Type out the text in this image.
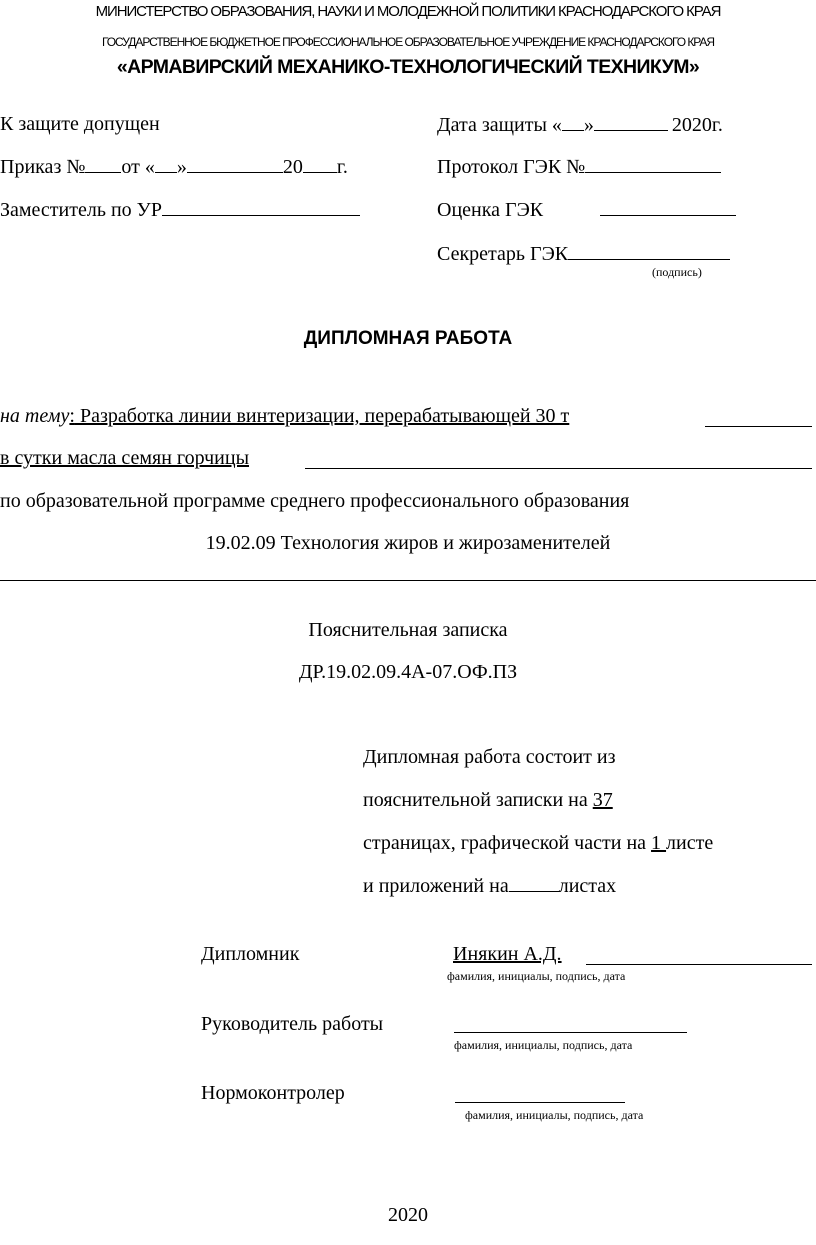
МИНИСТЕРСТВО ОБРАЗОВАНИЯ, НАУКИ И МОЛОДЕЖНОЙ ПОЛИТИКИ КРАСНОДАРСКОГО КРАЯ
ГОСУДАРСТВЕННОЕ БЮДЖЕТНОЕ ПРОФЕССИОНАЛЬНОЕ ОБРАЗОВАТЕЛЬНОЕ УЧРЕЖДЕНИЕ КРАСНОДАРСКОГО КРАЯ
«АРМАВИРСКИЙ МЕХАНИКО-ТЕХНОЛОГИЧЕСКИЙ ТЕХНИКУМ»
К защите допущен
Приказ № от « »	20 г.
Заместитель по УР
Дата защиты « »	2020г.
Протокол ГЭК №
Оценка ГЭК
Секретарь ГЭК
(подпись)
ДИПЛОМНАЯ РАБОТА
на тему: Разработка линии винтеризации, перерабатывающей 30 т
в сутки масла семян горчицы
по образовательной программе среднего профессионального образования
19.02.09 Технология жиров и жирозаменителей
Пояснительная записка
ДР.19.02.09.4А-07.ОФ.ПЗ
Дипломная работа состоит из
пояснительной записки на 37
страницах, графической части на 1 листе
и приложений на	листах
Дипломник	Инякин А.Д.
фамилия, инициалы, подпись, дата
Руководитель работы
фамилия, инициалы, подпись, дата
Нормоконтролер
фамилия, инициалы, подпись, дата
2020
